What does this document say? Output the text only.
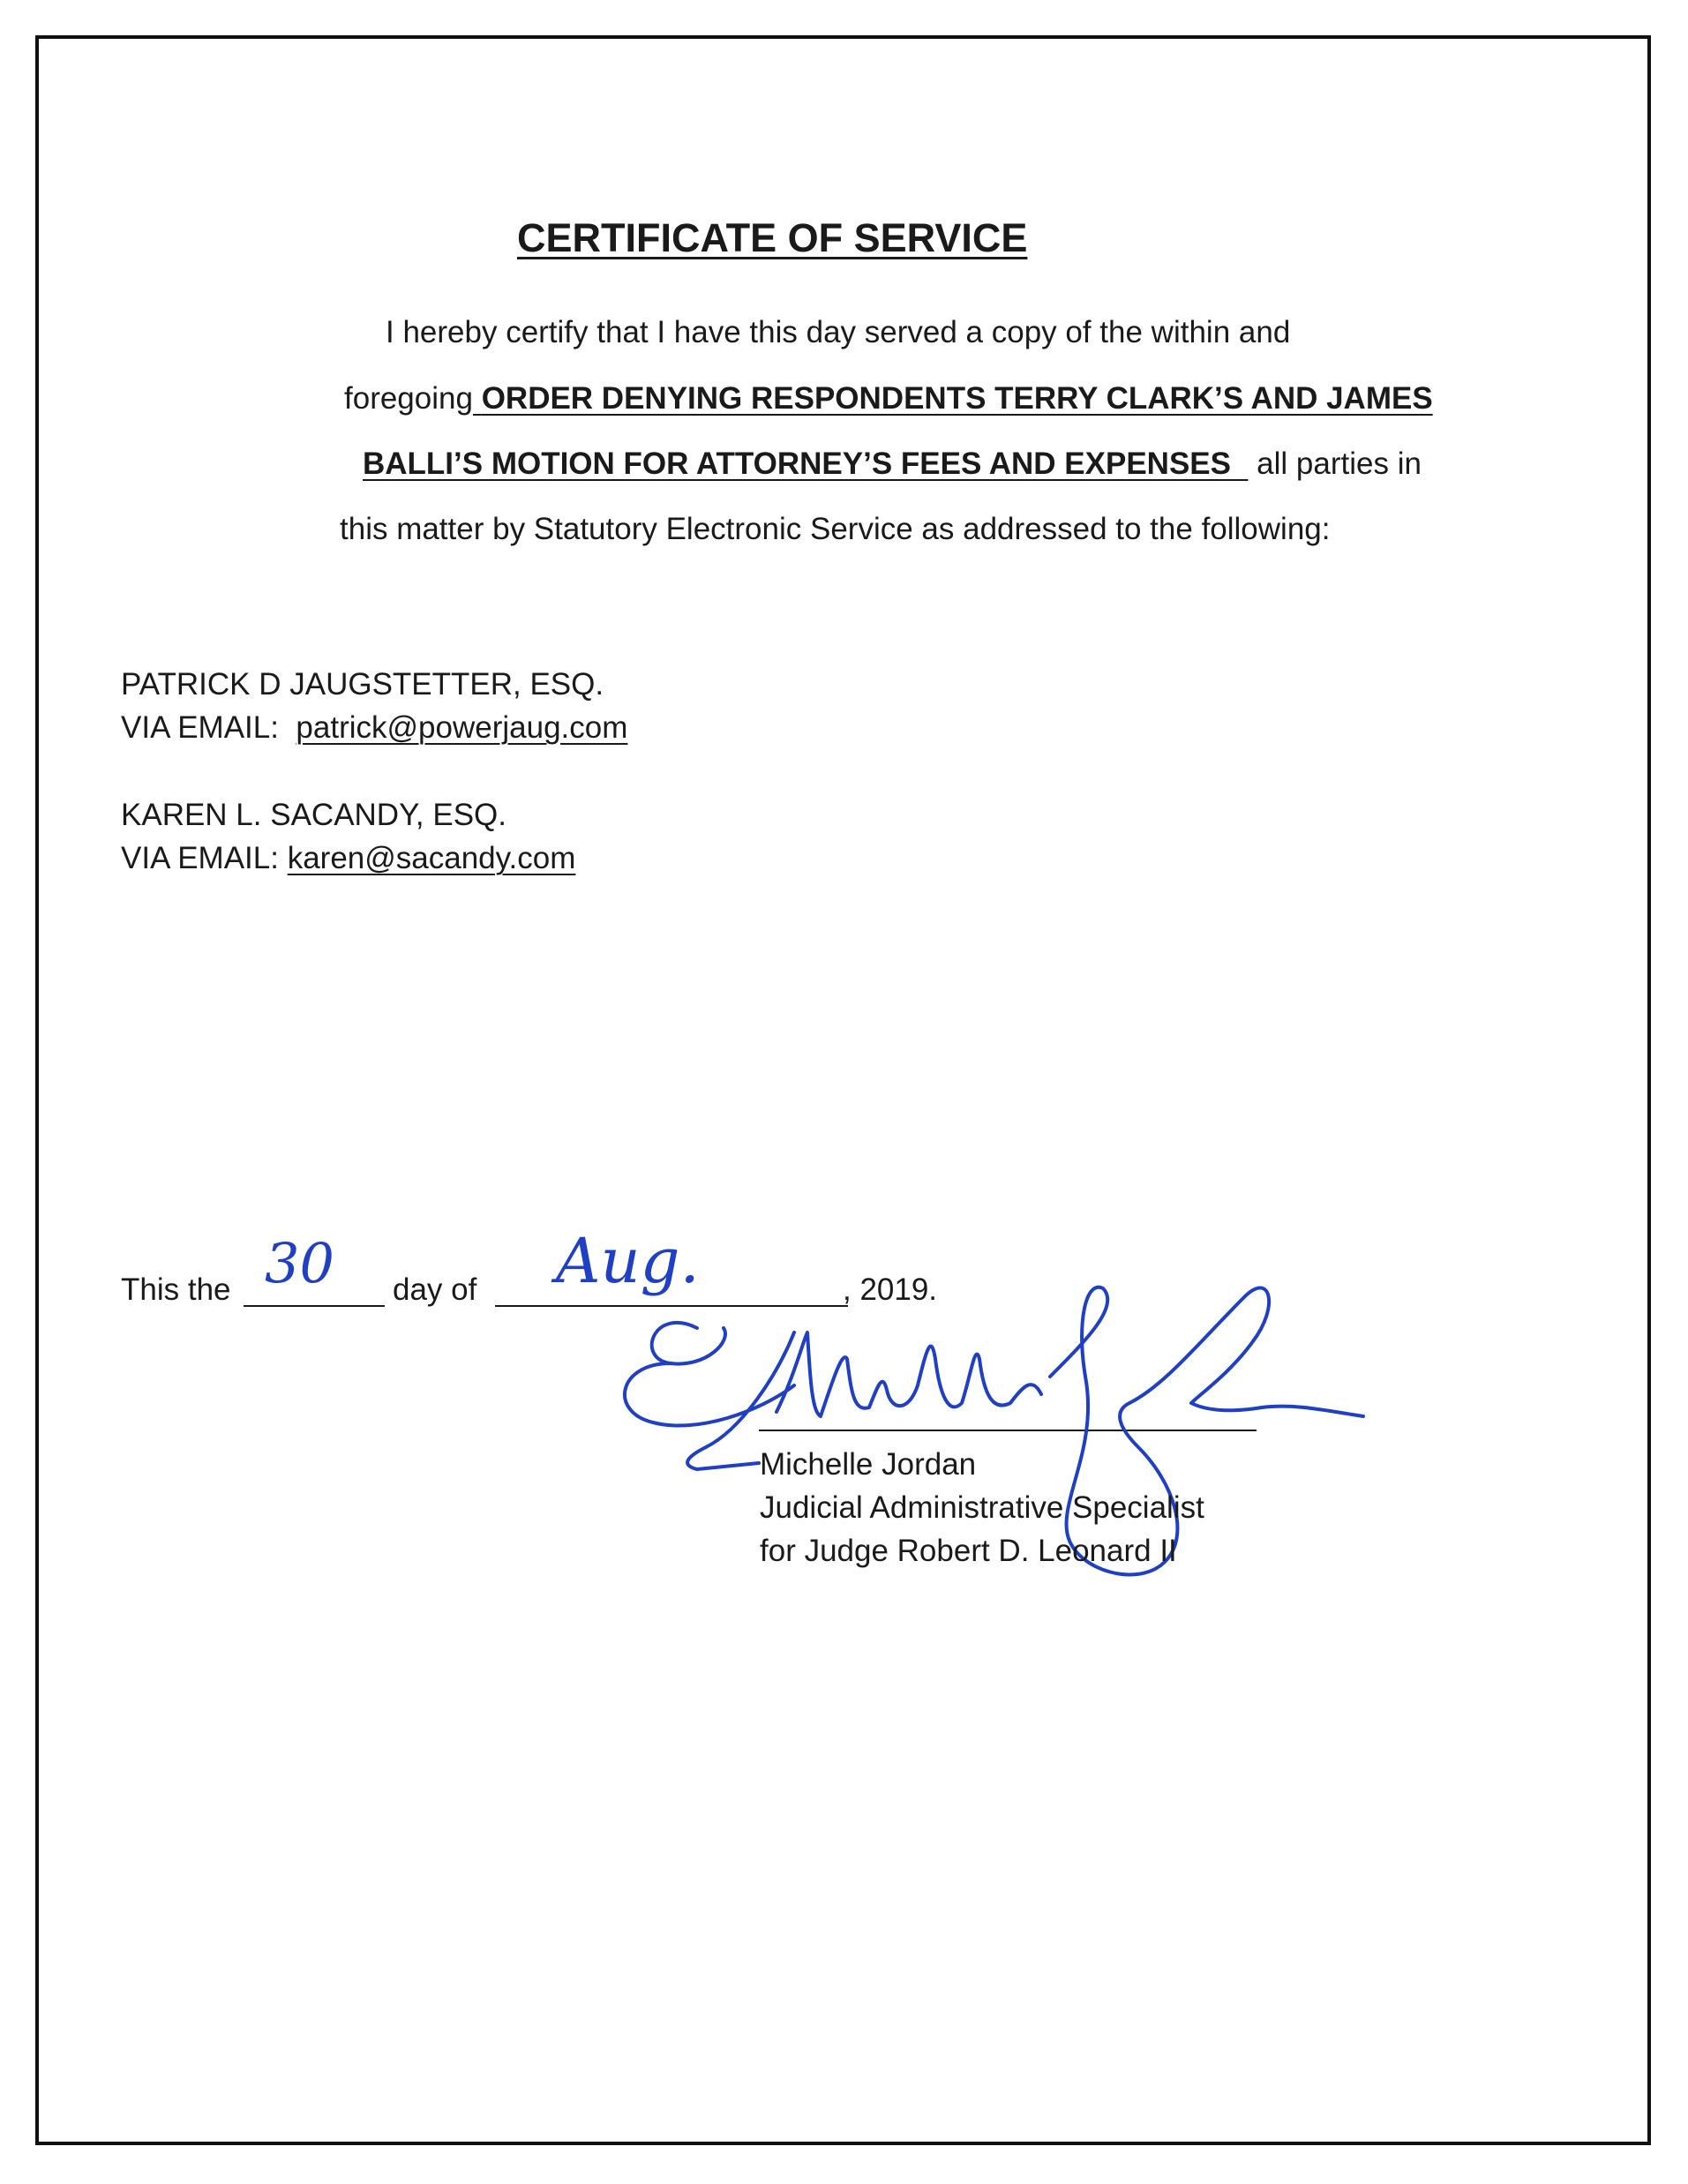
CERTIFICATE OF SERVICE
I hereby certify that I have this day served a copy of the within and
foregoing ORDER DENYING RESPONDENTS TERRY CLARK’S AND JAMES
BALLI’S MOTION FOR ATTORNEY’S FEES AND EXPENSES all parties in
this matter by Statutory Electronic Service as addressed to the following:
PATRICK D JAUGSTETTER, ESQ.
VIA EMAIL: patrick@powerjaug.com
KAREN L. SACANDY, ESQ.
VIA EMAIL: karen@sacandy.com
This the 30 day of Aug.	, 2019.
Michelle Jordan
Judicial Administrative Specialist
for Judge Robert D. Leonard II
